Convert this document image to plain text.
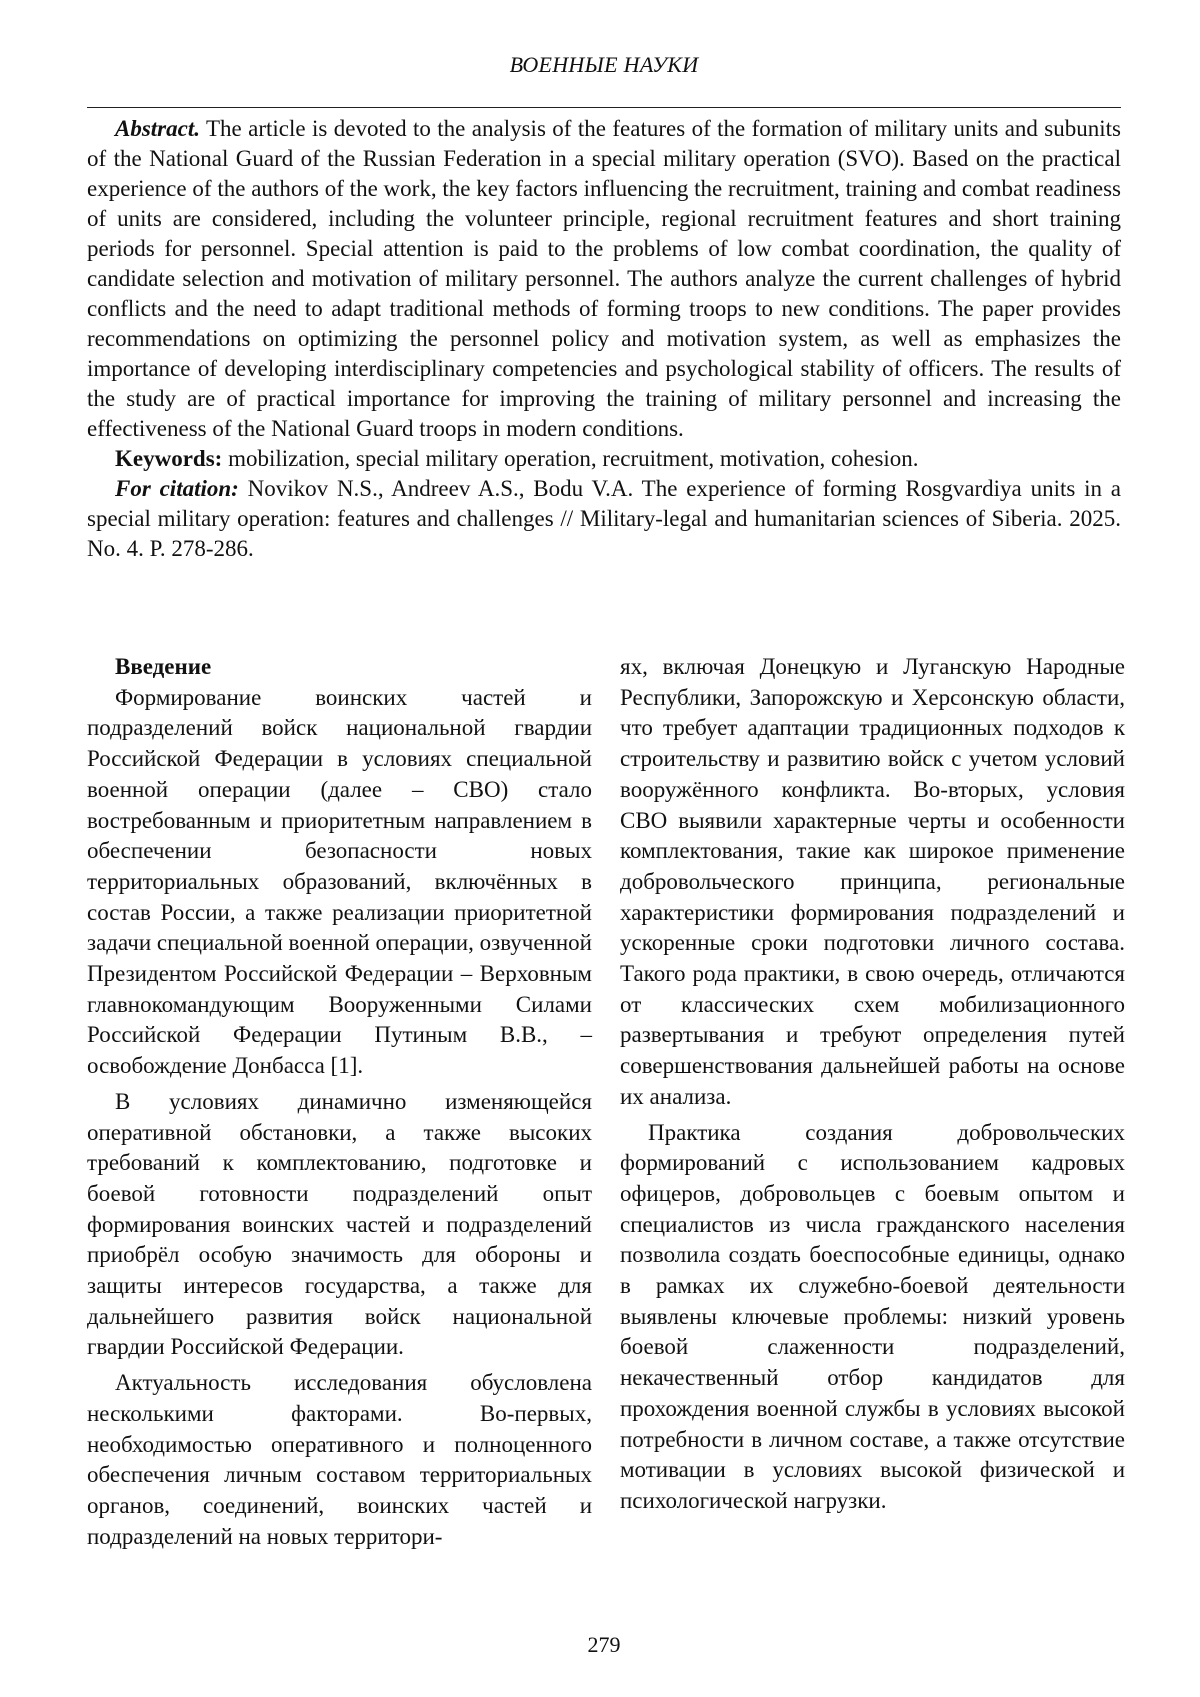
ВОЕННЫЕ НАУКИ

Abstract. The article is devoted to the analysis of the features of the formation of military units and subunits of the National Guard of the Russian Federation in a special military operation (SVO). Based on the practical experience of the authors of the work, the key factors influencing the recruitment, training and combat readiness of units are considered, including the volunteer principle, regional recruitment features and short training periods for personnel. Special attention is paid to the problems of low combat coordination, the quality of candidate selection and motivation of military personnel. The authors analyze the current challenges of hybrid conflicts and the need to adapt traditional methods of forming troops to new conditions. The paper provides recommendations on optimizing the personnel policy and motivation system, as well as emphasizes the importance of developing interdisciplinary competencies and psychological stability of officers. The results of the study are of practical importance for improving the training of military personnel and increasing the effectiveness of the National Guard troops in modern conditions.

Keywords: mobilization, special military operation, recruitment, motivation, cohesion.

For citation: Novikov N.S., Andreev A.S., Bodu V.A. The experience of forming Rosgvardiya units in a special military operation: features and challenges // Military-legal and humanitarian sciences of Siberia. 2025. No. 4. P. 278-286.

Введение

Формирование воинских частей и подразделений войск национальной гвардии Российской Федерации в условиях специальной военной операции (далее – СВО) стало востребованным и приоритетным направлением в обеспечении безопасности новых территориальных образований, включённых в состав России, а также реализации приоритетной задачи специальной военной операции, озвученной Президентом Российской Федерации – Верховным главнокомандующим Вооруженными Силами Российской Федерации Путиным В.В., – освобождение Донбасса [1].

В условиях динамично изменяющейся оперативной обстановки, а также высоких требований к комплектованию, подготовке и боевой готовности подразделений опыт формирования воинских частей и подразделений приобрёл особую значимость для обороны и защиты интересов государства, а также для дальнейшего развития войск национальной гвардии Российской Федерации.

Актуальность исследования обусловлена несколькими факторами. Во-первых, необходимостью оперативного и полноценного обеспечения личным составом территориальных органов, соединений, воинских частей и подразделений на новых территори-

ях, включая Донецкую и Луганскую Народные Республики, Запорожскую и Херсонскую области, что требует адаптации традиционных подходов к строительству и развитию войск с учетом условий вооружённого конфликта. Во-вторых, условия СВО выявили характерные черты и особенности комплектования, такие как широкое применение добровольческого принципа, региональные характеристики формирования подразделений и ускоренные сроки подготовки личного состава. Такого рода практики, в свою очередь, отличаются от классических схем мобилизационного развертывания и требуют определения путей совершенствования дальнейшей работы на основе их анализа.

Практика создания добровольческих формирований с использованием кадровых офицеров, добровольцев с боевым опытом и специалистов из числа гражданского населения позволила создать боеспособные единицы, однако в рамках их служебно-боевой деятельности выявлены ключевые проблемы: низкий уровень боевой слаженности подразделений, некачественный отбор кандидатов для прохождения военной службы в условиях высокой потребности в личном составе, а также отсутствие мотивации в условиях высокой физической и психологической нагрузки.

279
